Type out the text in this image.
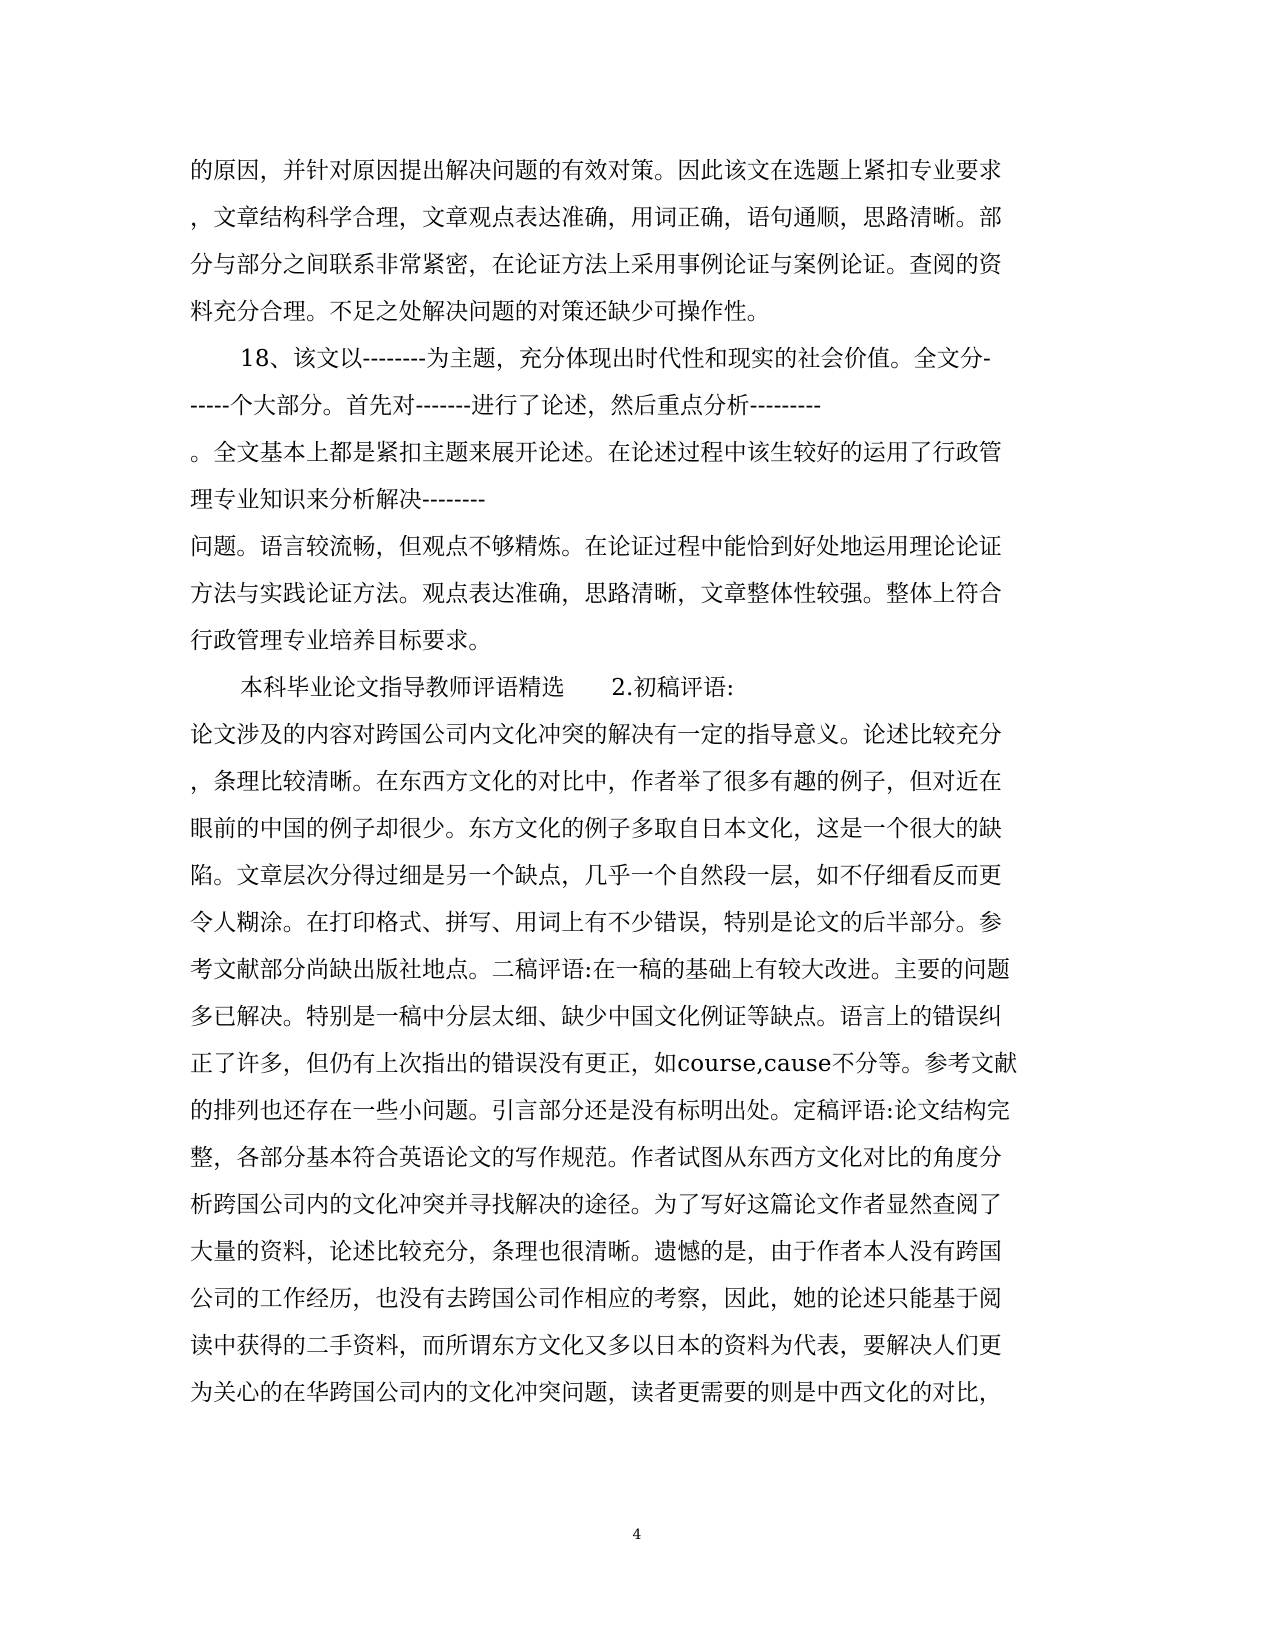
的原因，并针对原因提出解决问题的有效对策。因此该文在选题上紧扣专业要求
，文章结构科学合理，文章观点表达准确，用词正确，语句通顺，思路清晰。部
分与部分之间联系非常紧密，在论证方法上采用事例论证与案例论证。查阅的资
料充分合理。不足之处解决问题的对策还缺少可操作性。
18、该文以--------为主题，充分体现出时代性和现实的社会价值。全文分-
-----个大部分。首先对-------进行了论述，然后重点分析---------
。全文基本上都是紧扣主题来展开论述。在论述过程中该生较好的运用了行政管
理专业知识来分析解决--------
问题。语言较流畅，但观点不够精炼。在论证过程中能恰到好处地运用理论论证
方法与实践论证方法。观点表达准确，思路清晰，文章整体性较强。整体上符合
行政管理专业培养目标要求。
本科毕业论文指导教师评语精选　　2.初稿评语:
论文涉及的内容对跨国公司内文化冲突的解决有一定的指导意义。论述比较充分
，条理比较清晰。在东西方文化的对比中，作者举了很多有趣的例子，但对近在
眼前的中国的例子却很少。东方文化的例子多取自日本文化，这是一个很大的缺
陷。文章层次分得过细是另一个缺点，几乎一个自然段一层，如不仔细看反而更
令人糊涂。在打印格式、拼写、用词上有不少错误，特别是论文的后半部分。参
考文献部分尚缺出版社地点。二稿评语:在一稿的基础上有较大改进。主要的问题
多已解决。特别是一稿中分层太细、缺少中国文化例证等缺点。语言上的错误纠
正了许多，但仍有上次指出的错误没有更正，如course,cause不分等。参考文献
的排列也还存在一些小问题。引言部分还是没有标明出处。定稿评语:论文结构完
整，各部分基本符合英语论文的写作规范。作者试图从东西方文化对比的角度分
析跨国公司内的文化冲突并寻找解决的途径。为了写好这篇论文作者显然查阅了
大量的资料，论述比较充分，条理也很清晰。遗憾的是，由于作者本人没有跨国
公司的工作经历，也没有去跨国公司作相应的考察，因此，她的论述只能基于阅
读中获得的二手资料，而所谓东方文化又多以日本的资料为代表，要解决人们更
为关心的在华跨国公司内的文化冲突问题，读者更需要的则是中西文化的对比，
4
